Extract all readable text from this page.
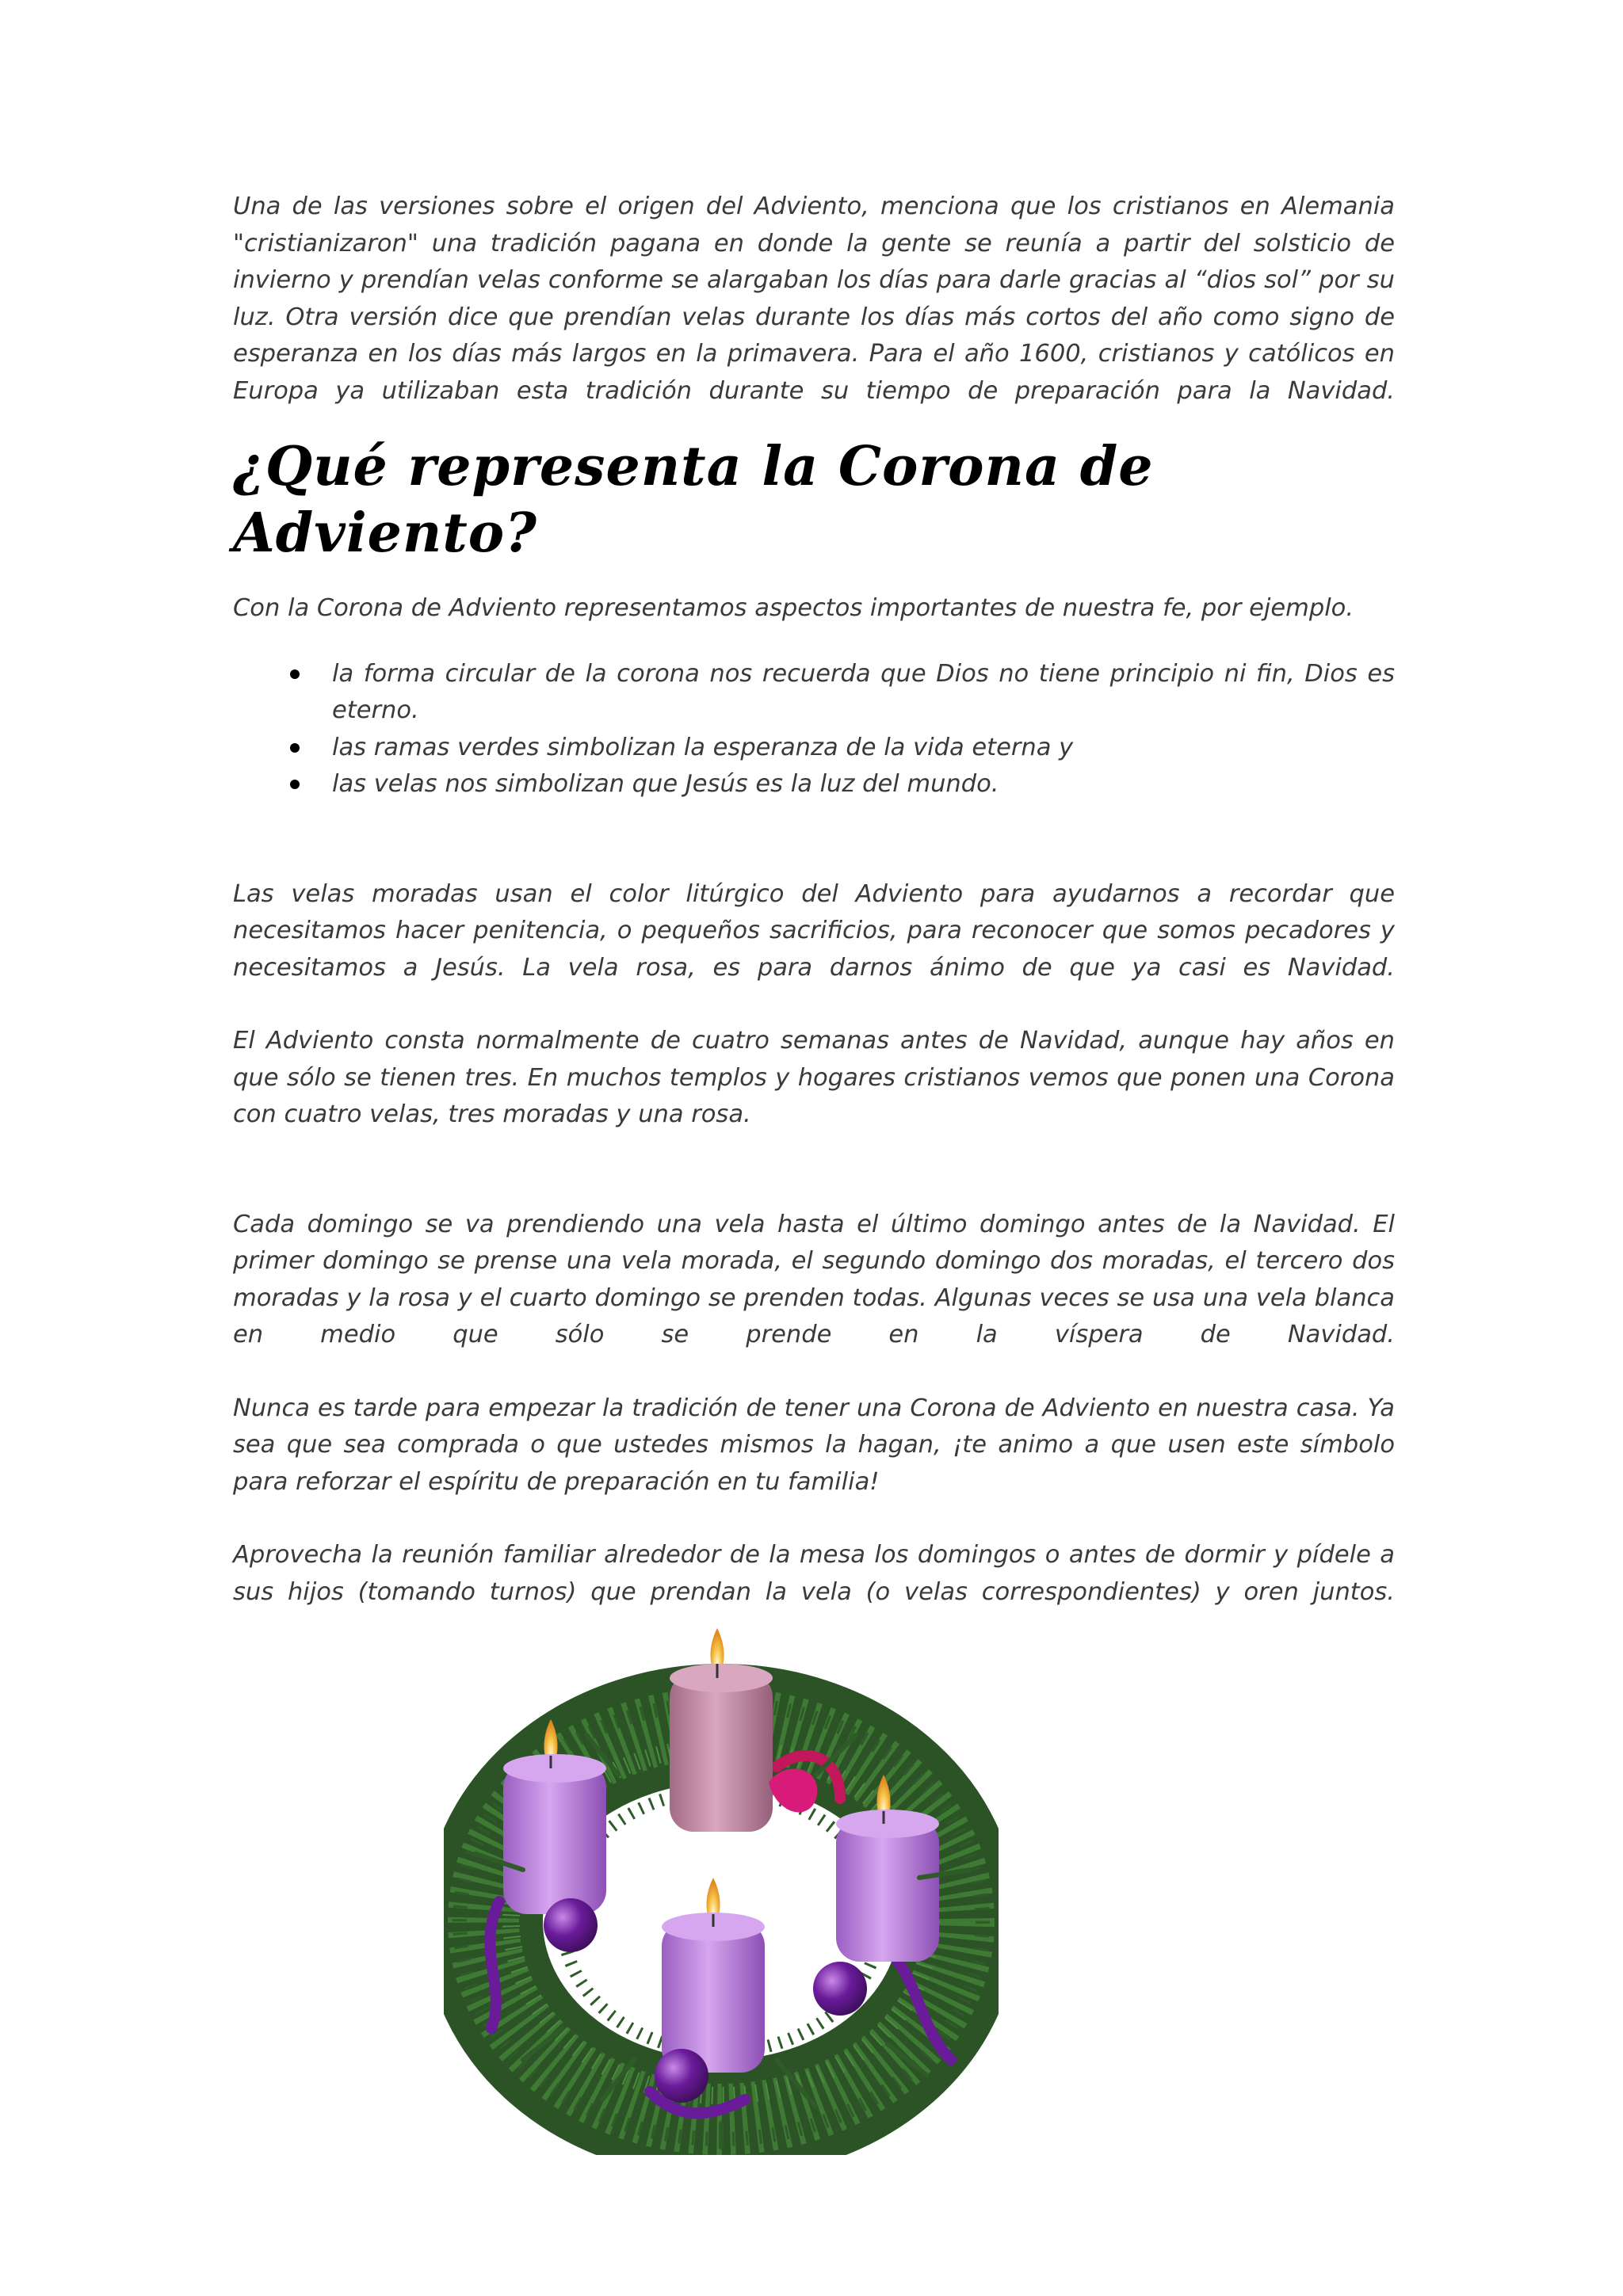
Una de las versiones sobre el origen del Adviento, menciona que los cristianos en Alemania "cristianizaron" una tradición pagana en donde la gente se reunía a partir del solsticio de invierno y prendían velas conforme se alargaban los días para darle gracias al “dios sol” por su luz. Otra versión dice que prendían velas durante los días más cortos del año como signo de esperanza en los días más largos en la primavera. Para el año 1600, cristianos y católicos en Europa ya utilizaban esta tradición durante su tiempo de preparación para la Navidad.

¿Qué representa la Corona de Adviento?

Con la Corona de Adviento representamos aspectos importantes de nuestra fe, por ejemplo.

la forma circular de la corona nos recuerda que Dios no tiene principio ni fin, Dios es eterno.
las ramas verdes simbolizan la esperanza de la vida eterna y
las velas nos simbolizan que Jesús es la luz del mundo.

Las velas moradas usan el color litúrgico del Adviento para ayudarnos a recordar que necesitamos hacer penitencia, o pequeños sacrificios, para reconocer que somos pecadores y necesitamos a Jesús. La vela rosa, es para darnos ánimo de que ya casi es Navidad.

El Adviento consta normalmente de cuatro semanas antes de Navidad, aunque hay años en que sólo se tienen tres. En muchos templos y hogares cristianos vemos que ponen una Corona con cuatro velas, tres moradas y una rosa.

Cada domingo se va prendiendo una vela hasta el último domingo antes de la Navidad. El primer domingo se prense una vela morada, el segundo domingo dos moradas, el tercero dos moradas y la rosa y el cuarto domingo se prenden todas. Algunas veces se usa una vela blanca en medio que sólo se prende en la víspera de Navidad.

Nunca es tarde para empezar la tradición de tener una Corona de Adviento en nuestra casa. Ya sea que sea comprada o que ustedes mismos la hagan, ¡te animo a que usen este símbolo para reforzar el espíritu de preparación en tu familia!

Aprovecha la reunión familiar alrededor de la mesa los domingos o antes de dormir y pídele a sus hijos (tomando turnos) que prendan la vela (o velas correspondientes) y oren juntos.
